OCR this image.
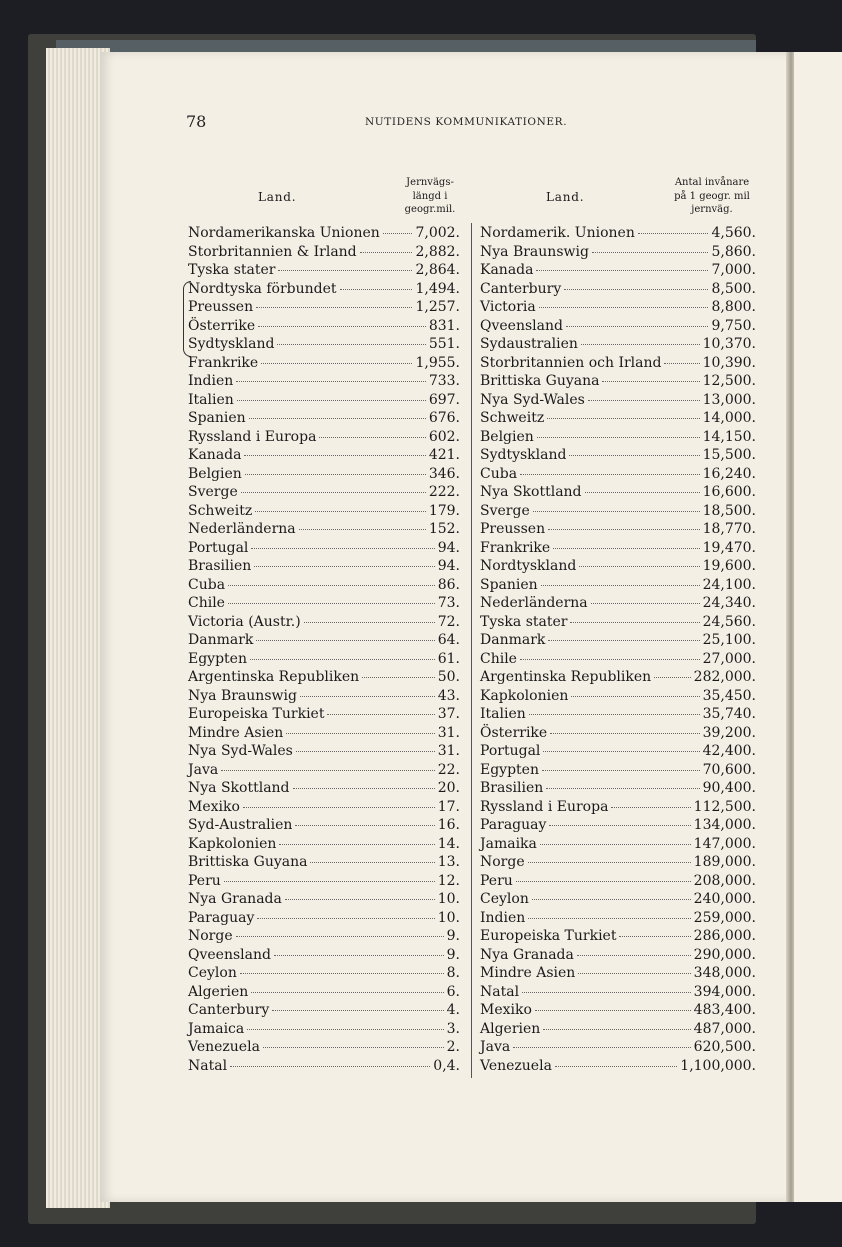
78	NUTIDENS KOMMUNIKATIONER.
Land.
Jernvägs-
längd i
geogr.mil.
Nordamerikanska Unionen	7,002.
Storbritannien & Irland	2,882.
Tyska stater	2,864.
Nordtyska förbundet	1,494.
Preussen	1,257.
Österrike	831.
Sydtyskland	551.
Frankrike	1,955.
Indien	733.
Italien	697.
Spanien	676.
Ryssland i Europa	602.
Kanada	421.
Belgien	346.
Sverge	222.
Schweitz	179.
Nederländerna	152.
Portugal	94.
Brasilien	94.
Cuba	86.
Chile	73.
Victoria (Austr.)	72.
Danmark	64.
Egypten	61.
Argentinska Republiken	50.
Nya Braunswig	43.
Europeiska Turkiet	37.
Mindre Asien	31.
Nya Syd-Wales	31.
Java	22.
Nya Skottland	20.
Mexiko	17.
Syd-Australien	16.
Kapkolonien	14.
Brittiska Guyana	13.
Peru	12.
Nya Granada	10.
Paraguay	10.
Norge	9.
Qveensland	9.
Ceylon	8.
Algerien	6.
Canterbury	4.
Jamaica	3.
Venezuela	2.
Natal	0,4.
Land.
Antal invånare
på 1 geogr. mil
jernväg.
Nordamerik. Unionen	4,560.
Nya Braunswig	5,860.
Kanada	7,000.
Canterbury	8,500.
Victoria	8,800.
Qveensland	9,750.
Sydaustralien	10,370.
Storbritannien och Irland	10,390.
Brittiska Guyana	12,500.
Nya Syd-Wales	13,000.
Schweitz	14,000.
Belgien	14,150.
Sydtyskland	15,500.
Cuba	16,240.
Nya Skottland	16,600.
Sverge	18,500.
Preussen	18,770.
Frankrike	19,470.
Nordtyskland	19,600.
Spanien	24,100.
Nederländerna	24,340.
Tyska stater	24,560.
Danmark	25,100.
Chile	27,000.
Argentinska Republiken	282,000.
Kapkolonien	35,450.
Italien	35,740.
Österrike	39,200.
Portugal	42,400.
Egypten	70,600.
Brasilien	90,400.
Ryssland i Europa	112,500.
Paraguay	134,000.
Jamaika	147,000.
Norge	189,000.
Peru	208,000.
Ceylon	240,000.
Indien	259,000.
Europeiska Turkiet	286,000.
Nya Granada	290,000.
Mindre Asien	348,000.
Natal	394,000.
Mexiko	483,400.
Algerien	487,000.
Java	620,500.
Venezuela	1,100,000.
